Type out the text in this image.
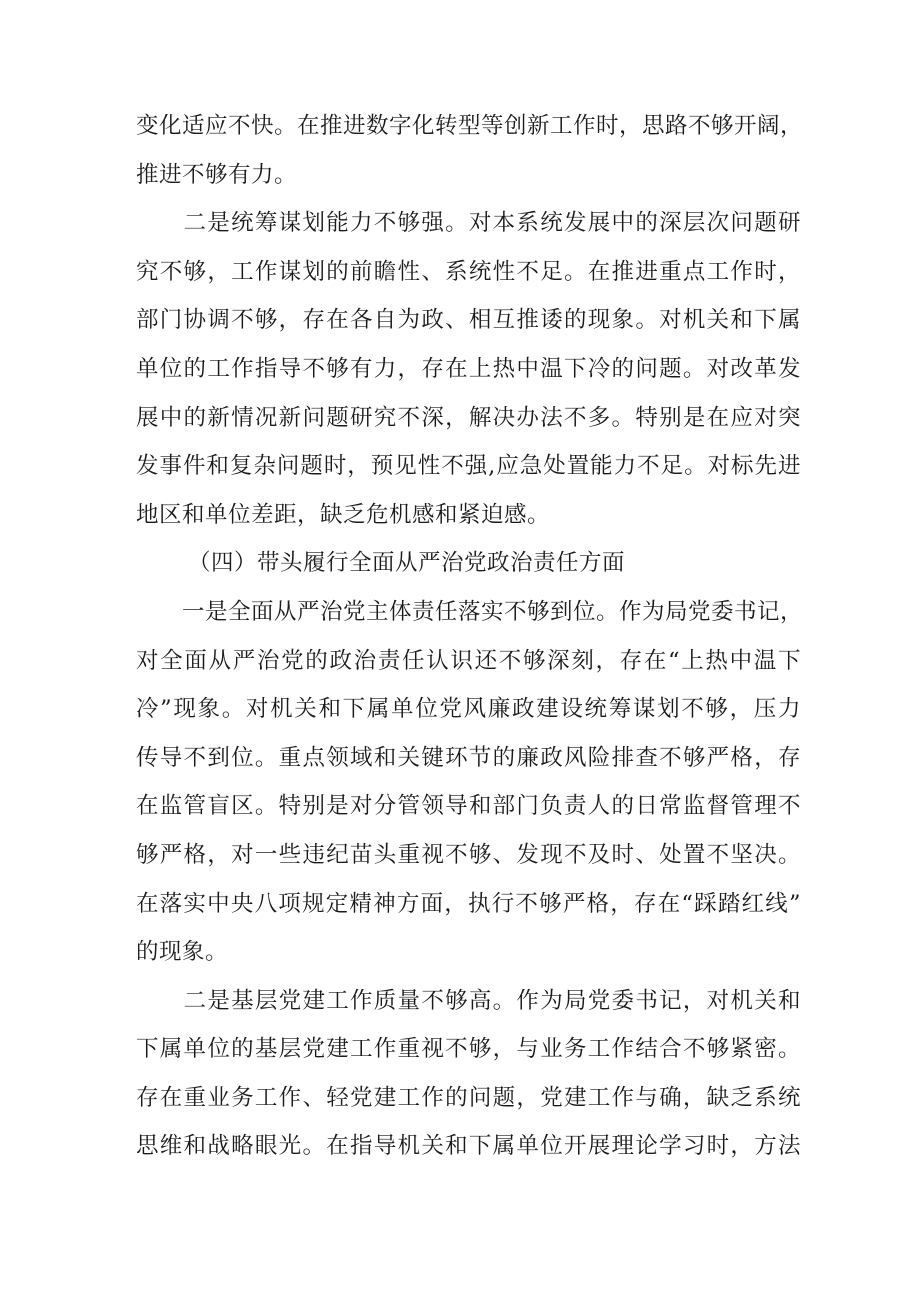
变化适应不快。在推进数字化转型等创新工作时，思路不够开阔，
推进不够有力。
　　二是统筹谋划能力不够强。对本系统发展中的深层次问题研
究不够，工作谋划的前瞻性、系统性不足。在推进重点工作时，
部门协调不够，存在各自为政、相互推诿的现象。对机关和下属
单位的工作指导不够有力，存在上热中温下冷的问题。对改革发
展中的新情况新问题研究不深，解决办法不多。特别是在应对突
发事件和复杂问题时，预见性不强,应急处置能力不足。对标先进
地区和单位差距，缺乏危机感和紧迫感。
（四）带头履行全面从严治党政治责任方面
　　一是全面从严治党主体责任落实不够到位。作为局党委书记，
对全面从严治党的政治责任认识还不够深刻，存在“上热中温下
冷”现象。对机关和下属单位党风廉政建设统筹谋划不够，压力
传导不到位。重点领域和关键环节的廉政风险排查不够严格，存
在监管盲区。特别是对分管领导和部门负责人的日常监督管理不
够严格，对一些违纪苗头重视不够、发现不及时、处置不坚决。
在落实中央八项规定精神方面，执行不够严格，存在“踩踏红线”
的现象。
　　二是基层党建工作质量不够高。作为局党委书记，对机关和
下属单位的基层党建工作重视不够，与业务工作结合不够紧密。
存在重业务工作、轻党建工作的问题，党建工作与确，缺乏系统
思维和战略眼光。在指导机关和下属单位开展理论学习时，方法
